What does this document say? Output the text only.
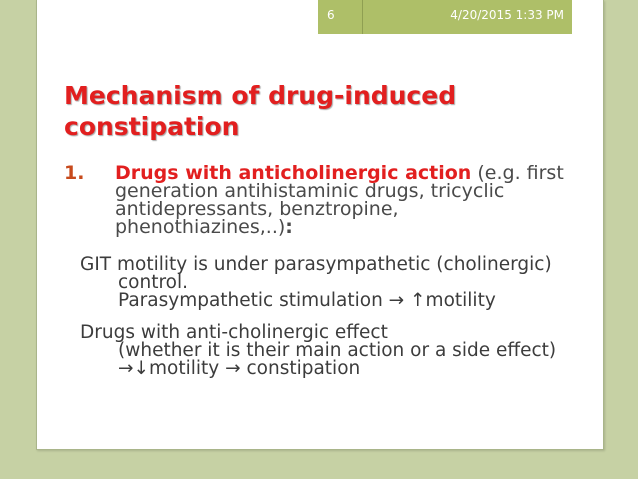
6	4/20/2015 1:33 PM
Mechanism of drug-induced
constipation
1. Drugs with anticholinergic action (e.g. first generation antihistaminic drugs, tricyclic antidepressants, benztropine, phenothiazines,..):
GIT motility is under parasympathetic (cholinergic) control.
Parasympathetic stimulation → ↑motility
Drugs with anti-cholinergic effect
(whether it is their main action or a side effect) →↓motility → constipation
